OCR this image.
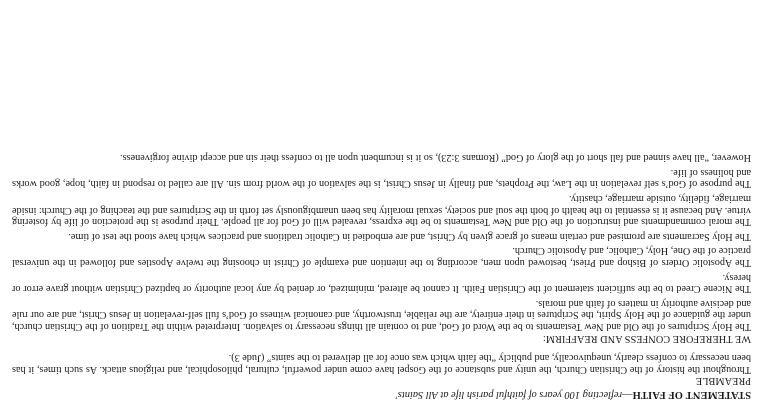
STATEMENT OF FAITH—reflecting 100 years of faithful parish life at All Saints'
PREAMBLE
Throughout the history of the Christian Church, the unity and substance of the Gospel have come under powerful, cultural, philosophical, and religious attack. As such times, it has been necessary to confess clearly, unequivocally, and publicly “the faith which was once for all delivered to the saints” (Jude 3).
WE THEREFORE CONFESS AND REAFFIRM:
The Holy Scriptures of the Old and New Testaments to be the Word of God, and to contain all things necessary to salvation. Interpreted within the Tradition of the Christian church, under the guidance of the Holy Spirit, the Scriptures in their entirety, are the reliable, trustworthy, and canonical witness of God’s full self-revelation in Jesus Christ, and are our rule and decisive authority in matters of faith and morals.
The Nicene Creed to be the sufficient statement of the Christian Faith. It cannot be altered, minimized, or denied by any local authority or baptized Christian without grave error or heresy.
The Apostolic Orders of Bishop and Priest, bestowed upon men, according to the intention and example of Christ in choosing the twelve Apostles and followed in the universal practice of the One, Holy, Catholic, and Apostolic Church.
The Holy Sacraments are promised and certain means of grace given by Christ, and are embodied in Catholic traditions and practices which have stood the test of time.
The moral commandments and instruction of the Old and New Testaments to be the express, revealed will of God for all people. Their purpose is the protection of life by fostering virtue. And because it is essential to the health of both the soul and society, sexual morality has been unambiguously set forth in the Scriptures and the teaching of the Church: inside marriage, fidelity, outside marriage, chastity.
The purpose of God’s self revelation in the Law, the Prophets, and finally in Jesus Christ, is the salvation of the world from sin. All are called to respond in faith, hope, good works and holiness of life.
However, “all have sinned and fall short of the glory of God” (Romans 3:23), so it is incumbent upon all to confess their sin and accept divine forgiveness.
